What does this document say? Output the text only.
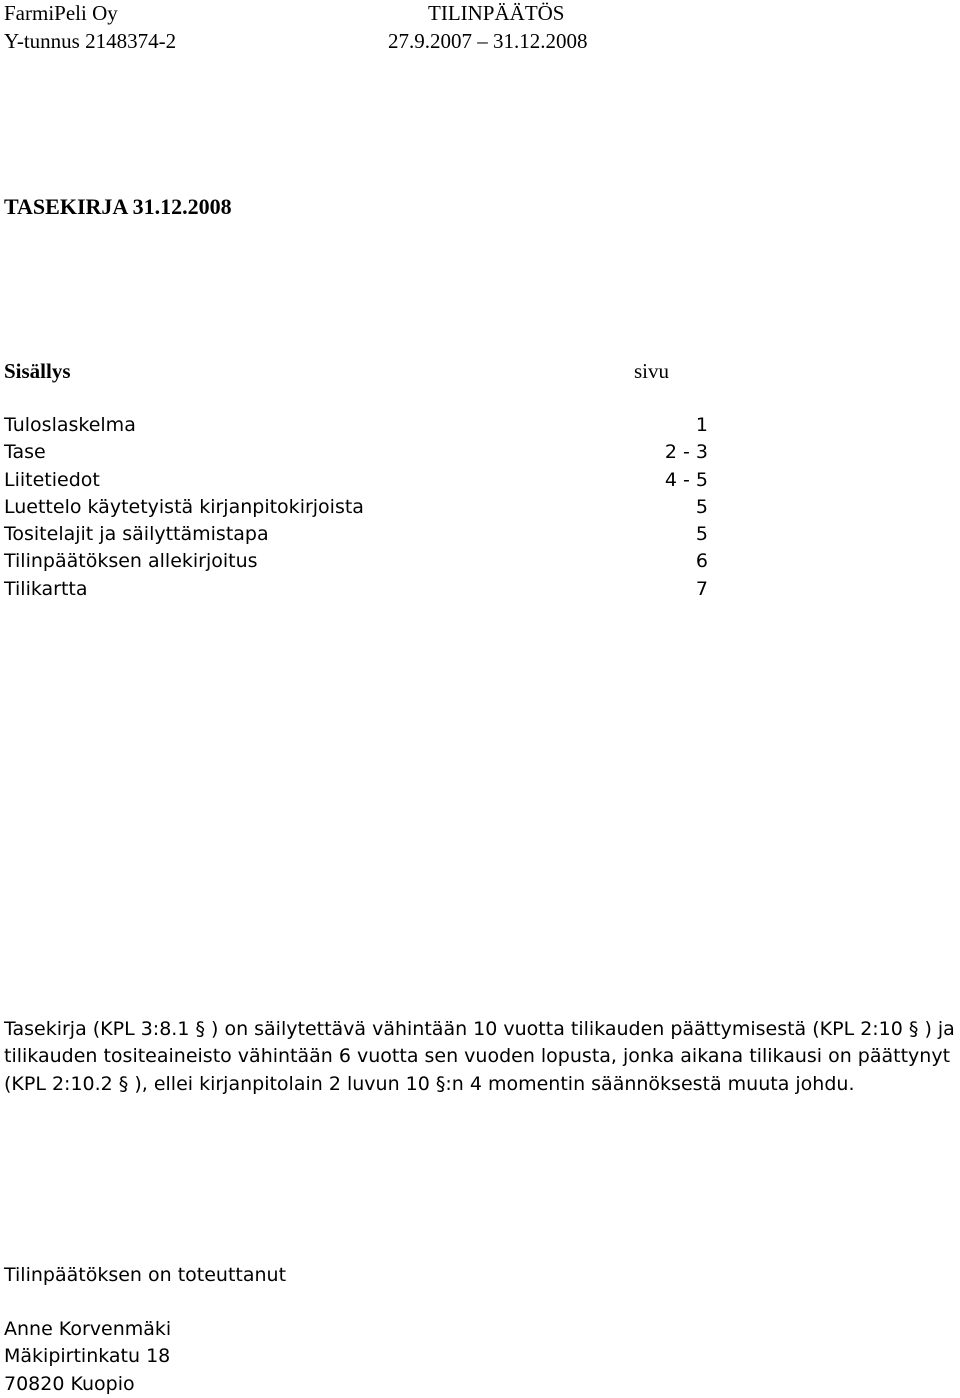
FarmiPeli Oy	TILINPÄÄTÖS
Y-tunnus 2148374-2	27.9.2007 – 31.12.2008
TASEKIRJA 31.12.2008
Sisällys	sivu
Tuloslaskelma	1
Tase	2 - 3
Liitetiedot	4 - 5
Luettelo käytetyistä kirjanpitokirjoista	5
Tositelajit ja säilyttämistapa	5
Tilinpäätöksen allekirjoitus	6
Tilikartta	7
Tasekirja (KPL 3:8.1 § ) on säilytettävä vähintään 10 vuotta tilikauden päättymisestä (KPL 2:10 § ) ja
tilikauden tositeaineisto vähintään 6 vuotta sen vuoden lopusta, jonka aikana tilikausi on päättynyt
(KPL 2:10.2 § ), ellei kirjanpitolain 2 luvun 10 §:n 4 momentin säännöksestä muuta johdu.
Tilinpäätöksen on toteuttanut
Anne Korvenmäki
Mäkipirtinkatu 18
70820 Kuopio
